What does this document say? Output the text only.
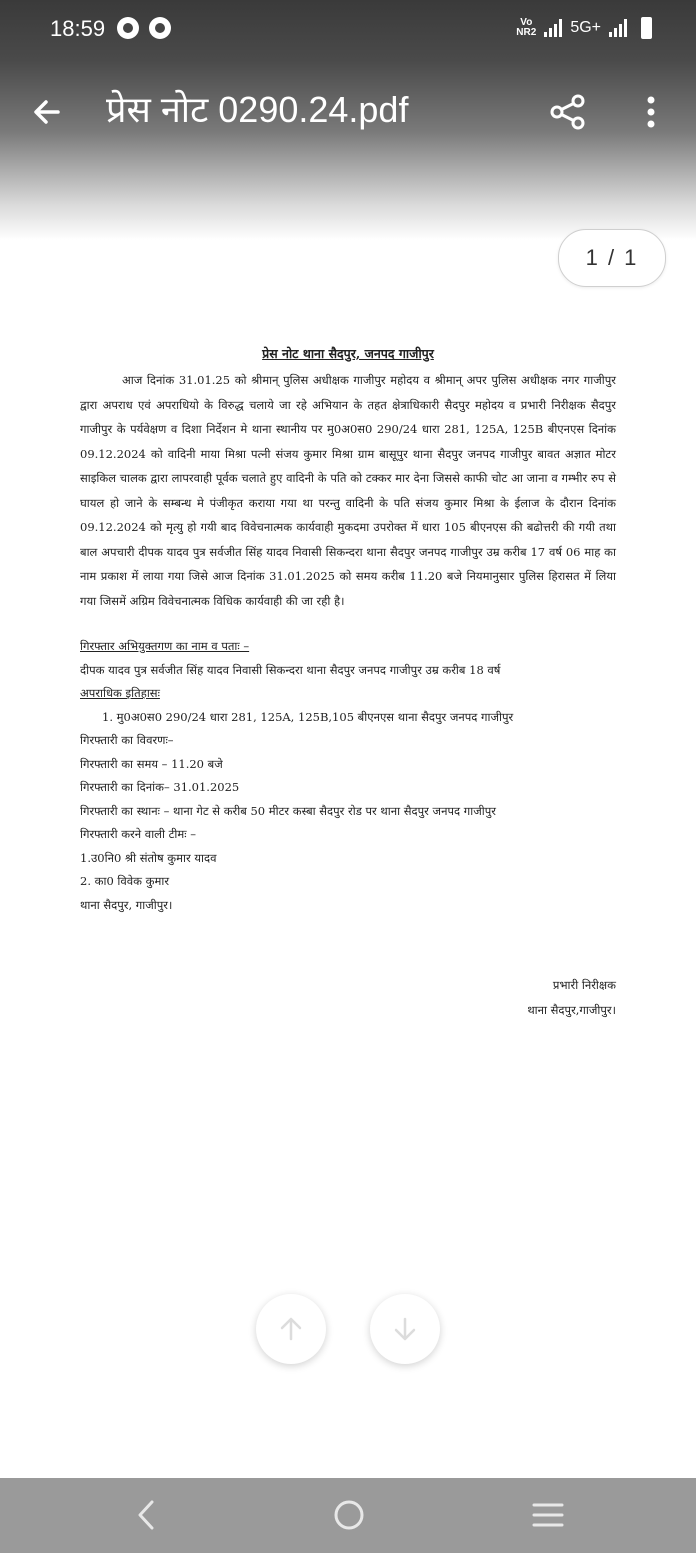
18:59	Vo
NR2 5G+
प्रेस नोट 0290.24.pdf
1 / 1
प्रेस नोट थाना सैदपुर, जनपद गाजीपुर

आज दिनांक 31.01.25 को श्रीमान् पुलिस अधीक्षक गाजीपुर महोदय व श्रीमान् अपर पुलिस अधीक्षक नगर गाजीपुर द्वारा अपराध एवं अपराधियो के विरुद्ध चलाये जा रहे अभियान के तहत क्षेत्राधिकारी सैदपुर महोदय व प्रभारी निरीक्षक सैदपुर गाजीपुर के पर्यवेक्षण व दिशा निर्देशन मे थाना स्थानीय पर मु0अ0स0 290/24 धारा 281, 125A, 125B बीएनएस दिनांक 09.12.2024 को वादिनी माया मिश्रा पत्नी संजय कुमार मिश्रा ग्राम बासूपुर थाना सैदपुर जनपद गाजीपुर बावत अज्ञात मोटर साइकिल चालक द्वारा लापरवाही पूर्वक चलाते हुए वादिनी के पति को टक्कर मार देना जिससे काफी चोट आ जाना व गम्भीर रुप से घायल हो जाने के सम्बन्ध मे पंजीकृत कराया गया था परन्तु वादिनी के पति संजय कुमार मिश्रा के ईलाज के दौरान दिनांक 09.12.2024 को मृत्यु हो गयी बाद विवेचनात्मक कार्यवाही मुकदमा उपरोक्त में धारा 105 बीएनएस की बढोत्तरी की गयी तथा बाल अपचारी दीपक यादव पुत्र सर्वजीत सिंह यादव निवासी सिकन्दरा थाना सैदपुर जनपद गाजीपुर उम्र करीब 17 वर्ष 06 माह का नाम प्रकाश में लाया गया जिसे आज दिनांक 31.01.2025 को समय करीब 11.20 बजे नियमानुसार पुलिस हिरासत में लिया गया जिसमें अग्रिम विवेचनात्मक विधिक कार्यवाही की जा रही है।

गिरफ्तार अभियुक्तगण का नाम व पताः –
दीपक यादव पुत्र सर्वजीत सिंह यादव निवासी सिकन्दरा थाना सैदपुर जनपद गाजीपुर उम्र करीब 18 वर्ष
अपराधिक इतिहासः
1. मु0अ0स0 290/24 धारा 281, 125A, 125B,105 बीएनएस थाना सैदपुर जनपद गाजीपुर
गिरफ्तारी का विवरणः–
गिरफ्तारी का समय – 11.20 बजे
गिरफ्तारी का दिनांक– 31.01.2025
गिरफ्तारी का स्थानः – थाना गेट से करीब 50 मीटर कस्बा सैदपुर रोड पर थाना सैदपुर जनपद गाजीपुर
गिरफ्तारी करने वाली टीमः –
1.उ0नि0 श्री संतोष कुमार यादव
2. का0 विवेक कुमार
थाना सैदपुर, गाजीपुर।
प्रभारी निरीक्षक
थाना सैदपुर,गाजीपुर।
